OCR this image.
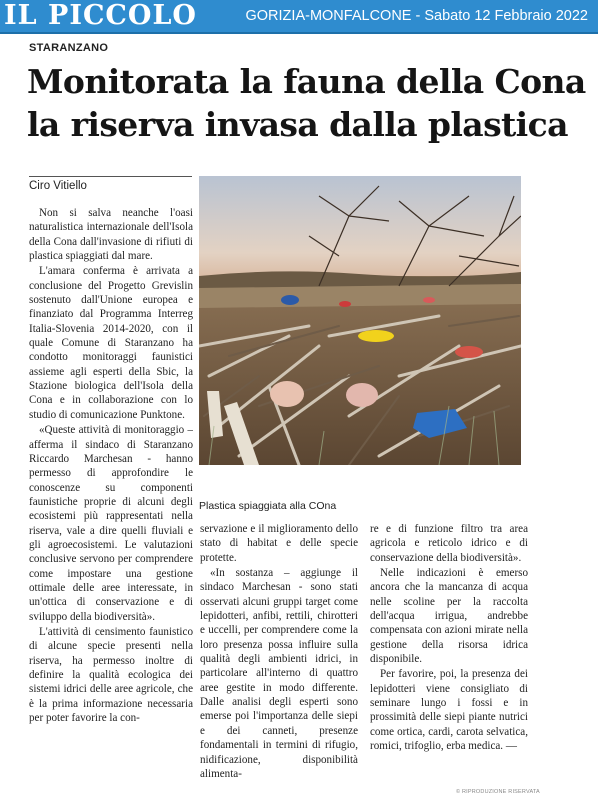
IL PICCOLO	GORIZIA-MONFALCONE - Sabato 12 Febbraio 2022
STARANZANO
Monitorata la fauna della Cona
la riserva invasa dalla plastica
Ciro Vitiello

Non si salva neanche l'oasi naturalistica internazionale dell'Isola della Cona dall'invasione di rifiuti di plastica spiaggiati dal mare.

L'amara conferma è arrivata a conclusione del Progetto Grevislin sostenuto dall'Unione europea e finanziato dal Programma Interreg Italia-Slovenia 2014-2020, con il quale Comune di Staranzano ha condotto monitoraggi faunistici assieme agli esperti della Sbic, la Stazione biologica dell'Isola della Cona e in collaborazione con lo studio di comunicazione Punktone.

«Queste attività di monitoraggio – afferma il sindaco di Staranzano Riccardo Marchesan - hanno permesso di approfondire le conoscenze su componenti faunistiche proprie di alcuni degli ecosistemi più rappresentati nella riserva, vale a dire quelli fluviali e gli agroecosistemi. Le valutazioni conclusive servono per comprendere come impostare una gestione ottimale delle aree interessate, in un'ottica di conservazione e di sviluppo della biodiversità».

L'attività di censimento faunistico di alcune specie presenti nella riserva, ha permesso inoltre di definire la qualità ecologica dei sistemi idrici delle aree agricole, che è la prima informazione necessaria per poter favorire la con-

Plastica spiaggiata alla COna

servazione e il miglioramento dello stato di habitat e delle specie protette.

«In sostanza – aggiunge il sindaco Marchesan - sono stati osservati alcuni gruppi target come lepidotteri, anfibi, rettili, chirotteri e uccelli, per comprendere come la loro presenza possa influire sulla qualità degli ambienti idrici, in particolare all'interno di quattro aree gestite in modo differente. Dalle analisi degli esperti sono emerse poi l'importanza delle siepi e dei canneti, presenze fondamentali in termini di rifugio, nidificazione, disponibilità alimenta-

re e di funzione filtro tra area agricola e reticolo idrico e di conservazione della biodiversità».

Nelle indicazioni è emerso ancora che la mancanza di acqua nelle scoline per la raccolta dell'acqua irrigua, andrebbe compensata con azioni mirate nella gestione della risorsa idrica disponibile.

Per favorire, poi, la presenza dei lepidotteri viene consigliato di seminare lungo i fossi e in prossimità delle siepi piante nutrici come ortica, cardi, carota selvatica, romici, trifoglio, erba medica. —

© RIPRODUZIONE RISERVATA
